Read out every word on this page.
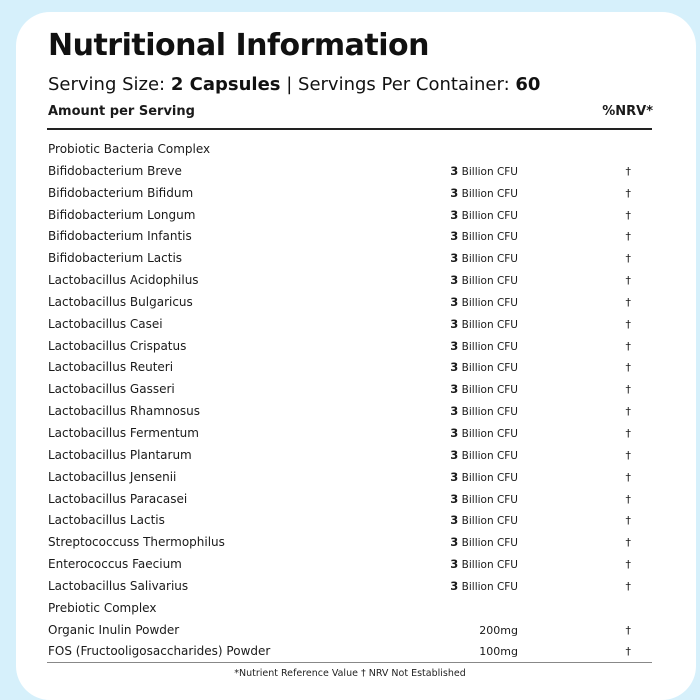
Nutritional Information
Serving Size: 2 Capsules | Servings Per Container: 60
Amount per Serving	%NRV*
Probiotic Bacteria Complex
Bifidobacterium Breve	3 Billion CFU	†
Bifidobacterium Bifidum	3 Billion CFU	†
Bifidobacterium Longum	3 Billion CFU	†
Bifidobacterium Infantis	3 Billion CFU	†
Bifidobacterium Lactis	3 Billion CFU	†
Lactobacillus Acidophilus	3 Billion CFU	†
Lactobacillus Bulgaricus	3 Billion CFU	†
Lactobacillus Casei	3 Billion CFU	†
Lactobacillus Crispatus	3 Billion CFU	†
Lactobacillus Reuteri	3 Billion CFU	†
Lactobacillus Gasseri	3 Billion CFU	†
Lactobacillus Rhamnosus	3 Billion CFU	†
Lactobacillus Fermentum	3 Billion CFU	†
Lactobacillus Plantarum	3 Billion CFU	†
Lactobacillus Jensenii	3 Billion CFU	†
Lactobacillus Paracasei	3 Billion CFU	†
Lactobacillus Lactis	3 Billion CFU	†
Streptococcuss Thermophilus	3 Billion CFU	†
Enterococcus Faecium	3 Billion CFU	†
Lactobacillus Salivarius	3 Billion CFU	†
Prebiotic Complex
Organic Inulin Powder	200mg	†
FOS (Fructooligosaccharides) Powder	100mg	†
*Nutrient Reference Value † NRV Not Established
